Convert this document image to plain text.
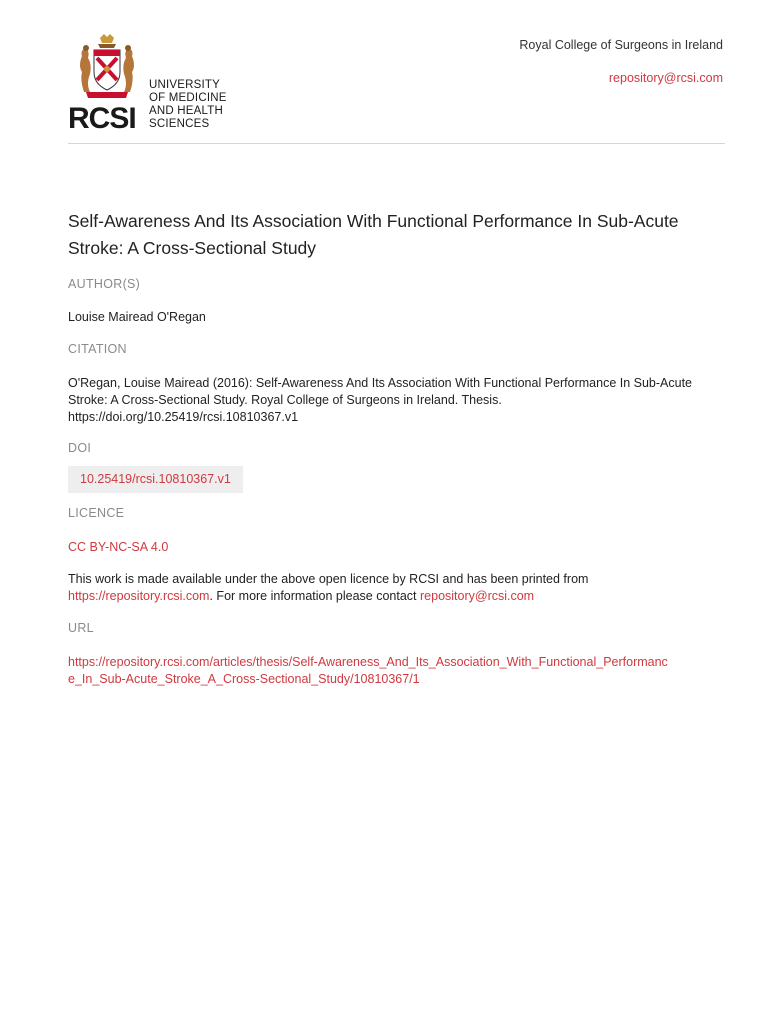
RCSI
UNIVERSITY
OF MEDICINE
AND HEALTH
SCIENCES
Royal College of Surgeons in Ireland
repository@rcsi.com
Self-Awareness And Its Association With Functional Performance In Sub-Acute Stroke: A Cross-Sectional Study
AUTHOR(S)
Louise Mairead O'Regan
CITATION
O'Regan, Louise Mairead (2016): Self-Awareness And Its Association With Functional Performance In Sub-Acute Stroke: A Cross-Sectional Study. Royal College of Surgeons in Ireland. Thesis. https://doi.org/10.25419/rcsi.10810367.v1
DOI
10.25419/rcsi.10810367.v1
LICENCE
CC BY-NC-SA 4.0
This work is made available under the above open licence by RCSI and has been printed from https://repository.rcsi.com. For more information please contact repository@rcsi.com
URL
https://repository.rcsi.com/articles/thesis/Self-Awareness_And_Its_Association_With_Functional_Performance_In_Sub-Acute_Stroke_A_Cross-Sectional_Study/10810367/1
